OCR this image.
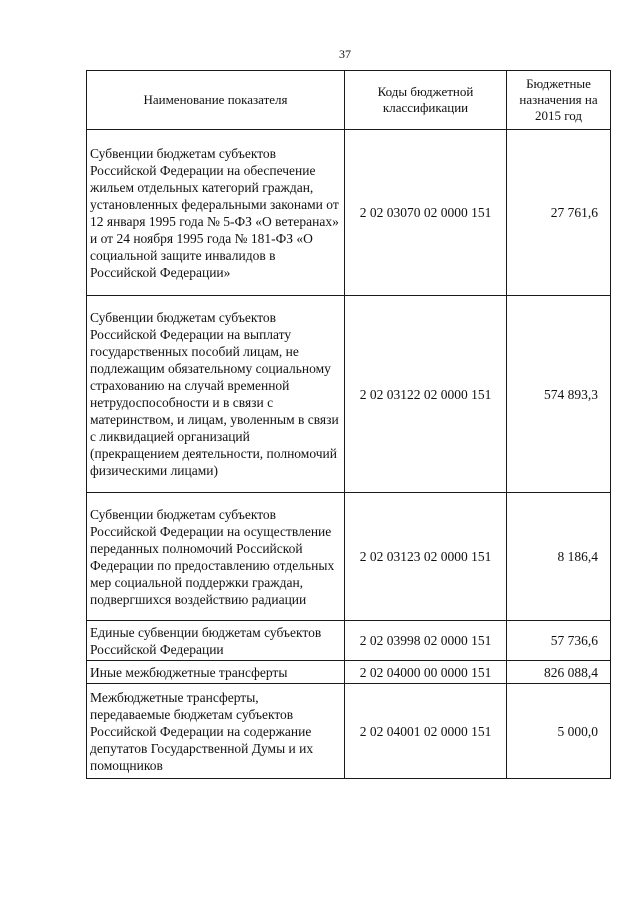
37
Наименование показателя	Коды бюджетной классификации	Бюджетные назначения на 2015 год
Субвенции бюджетам субъектов Российской Федерации на обеспечение жильем отдельных категорий граждан, установленных федеральными законами от 12 января 1995 года № 5-ФЗ «О ветеранах» и от 24 ноября 1995 года № 181-ФЗ «О социальной защите инвалидов в Российской Федерации»	2 02 03070 02 0000 151	27 761,6
Субвенции бюджетам субъектов Российской Федерации на выплату государственных пособий лицам, не подлежащим обязательному социальному страхованию на случай временной нетрудоспособности и в связи с материнством, и лицам, уволенным в связи с ликвидацией организаций (прекращением деятельности, полномочий физическими лицами)	2 02 03122 02 0000 151	574 893,3
Субвенции бюджетам субъектов Российской Федерации на осуществление переданных полномочий Российской Федерации по предоставлению отдельных мер социальной поддержки граждан, подвергшихся воздействию радиации	2 02 03123 02 0000 151	8 186,4
Единые субвенции бюджетам субъектов Российской Федерации	2 02 03998 02 0000 151	57 736,6
Иные межбюджетные трансферты	2 02 04000 00 0000 151	826 088,4
Межбюджетные трансферты, передаваемые бюджетам субъектов Российской Федерации на содержание депутатов Государственной Думы и их помощников	2 02 04001 02 0000 151	5 000,0
